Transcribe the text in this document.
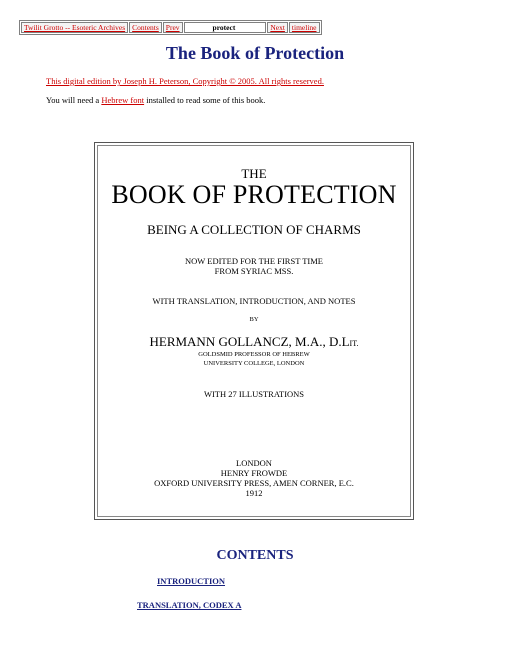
Twilit Grotto -- Esoteric Archives	Contents	Prev	protect	Next	timeline
The Book of Protection
This digital edition by Joseph H. Peterson, Copyright © 2005. All rights reserved.
You will need a Hebrew font installed to read some of this book.
THE
BOOK OF PROTECTION
BEING A COLLECTION OF CHARMS
NOW EDITED FOR THE FIRST TIME
FROM SYRIAC MSS.
WITH TRANSLATION, INTRODUCTION, AND NOTES
BY
HERMANN GOLLANCZ, M.A., D.LIT.
GOLDSMID PROFESSOR OF HEBREW
UNIVERSITY COLLEGE, LONDON
WITH 27 ILLUSTRATIONS
LONDON
HENRY FROWDE
OXFORD UNIVERSITY PRESS, AMEN CORNER, E.C.
1912
CONTENTS
INTRODUCTION
TRANSLATION, CODEX A
